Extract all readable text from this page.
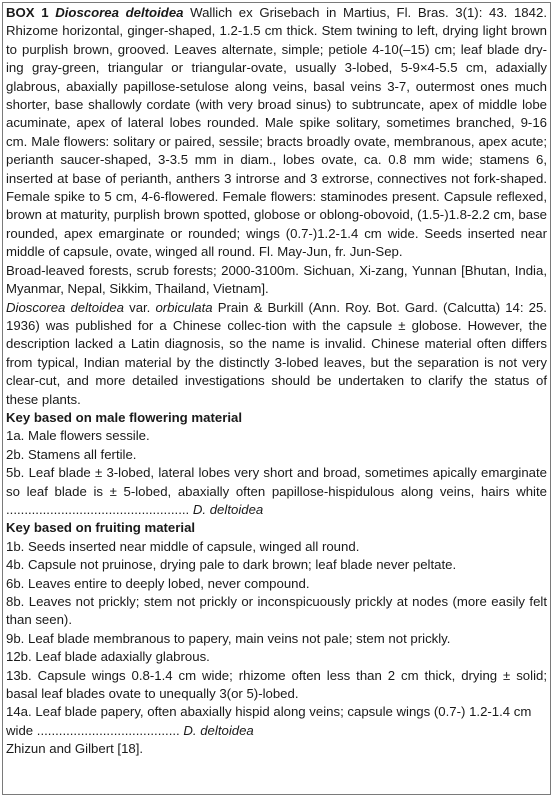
BOX 1 Dioscorea deltoidea Wallich ex Grisebach in Martius, Fl. Bras. 3(1): 43. 1842. Rhizome horizontal, ginger-shaped, 1.2-1.5 cm thick. Stem twining to left, drying light brown to purplish brown, grooved. Leaves alternate, simple; petiole 4-10(–15) cm; leaf blade dry-ing gray-green, triangular or triangular-ovate, usually 3-lobed, 5-9×4-5.5 cm, adaxially glabrous, abaxially papillose-setulose along veins, basal veins 3-7, outermost ones much shorter, base shallowly cordate (with very broad sinus) to subtruncate, apex of middle lobe acuminate, apex of lateral lobes rounded. Male spike solitary, sometimes branched, 9-16 cm. Male flowers: solitary or paired, sessile; bracts broadly ovate, membranous, apex acute; perianth saucer-shaped, 3-3.5 mm in diam., lobes ovate, ca. 0.8 mm wide; stamens 6, inserted at base of perianth, anthers 3 introrse and 3 extrorse, connectives not fork-shaped. Female spike to 5 cm, 4-6-flowered. Female flowers: staminodes present. Capsule reflexed, brown at maturity, purplish brown spotted, globose or oblong-obovoid, (1.5-)1.8-2.2 cm, base rounded, apex emarginate or rounded; wings (0.7-)1.2-1.4 cm wide. Seeds inserted near middle of capsule, ovate, winged all round. Fl. May-Jun, fr. Jun-Sep.

Broad-leaved forests, scrub forests; 2000-3100m. Sichuan, Xi-zang, Yunnan [Bhutan, India, Myanmar, Nepal, Sikkim, Thailand, Vietnam].

Dioscorea deltoidea var. orbiculata Prain & Burkill (Ann. Roy. Bot. Gard. (Calcutta) 14: 25. 1936) was published for a Chinese collec-tion with the capsule ± globose. However, the description lacked a Latin diagnosis, so the name is invalid. Chinese material often differs from typical, Indian material by the distinctly 3-lobed leaves, but the separation is not very clear-cut, and more detailed investigations should be undertaken to clarify the status of these plants.

Key based on male flowering material

1a. Male flowers sessile.

2b. Stamens all fertile.

5b. Leaf blade ± 3-lobed, lateral lobes very short and broad, sometimes apically emarginate so leaf blade is ± 5-lobed, abaxially often papillose-hispidulous along veins, hairs white .................................................. D. deltoidea

Key based on fruiting material

1b. Seeds inserted near middle of capsule, winged all round.

4b. Capsule not pruinose, drying pale to dark brown; leaf blade never peltate.

6b. Leaves entire to deeply lobed, never compound.

8b. Leaves not prickly; stem not prickly or inconspicuously prickly at nodes (more easily felt than seen).

9b. Leaf blade membranous to papery, main veins not pale; stem not prickly.

12b. Leaf blade adaxially glabrous.

13b. Capsule wings 0.8-1.4 cm wide; rhizome often less than 2 cm thick, drying ± solid; basal leaf blades ovate to unequally 3(or 5)-lobed.

14a. Leaf blade papery, often abaxially hispid along veins; capsule wings (0.7-) 1.2-1.4 cm wide ....................................... D. deltoidea

Zhizun and Gilbert [18].
